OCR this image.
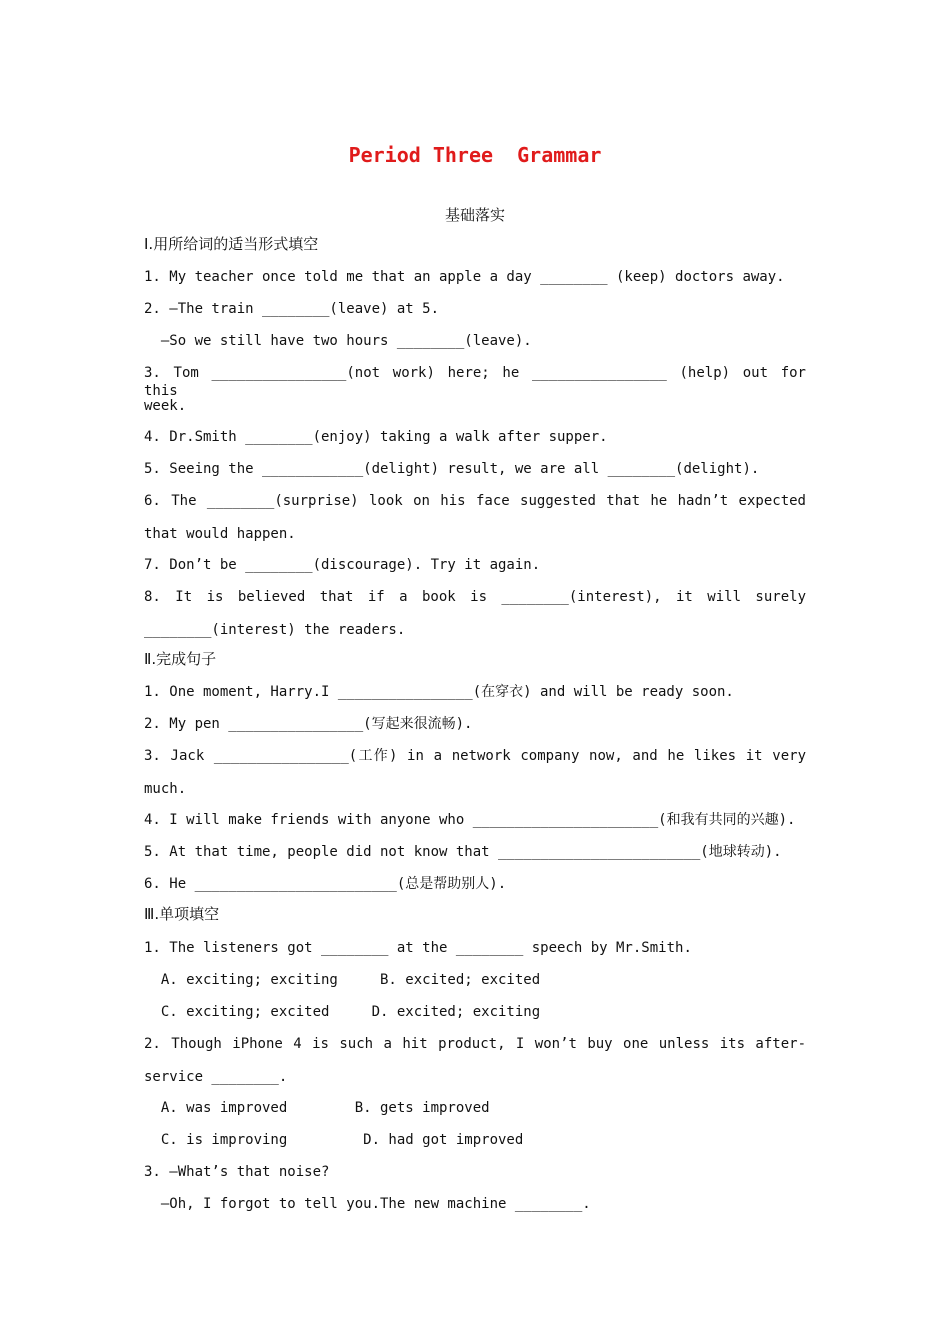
Period Three  Grammar
基础落实
Ⅰ.用所给词的适当形式填空
1. My teacher once told me that an apple a day ________ (keep) doctors away.
2. —The train ________(leave) at 5.
—So we still have two hours ________(leave).
3. Tom ________________(not work) here; he ________________ (help) out for this
week.
4. Dr.Smith ________(enjoy) taking a walk after supper.
5. Seeing the ____________(delight) result, we are all ________(delight).
6. The ________(surprise) look on his face suggested that he hadn’t expected
that would happen.
7. Don’t be ________(discourage). Try it again.
8. It is believed that if a book is ________(interest), it will surely
________(interest) the readers.
Ⅱ.完成句子
1. One moment, Harry.I ________________(在穿衣) and will be ready soon.
2. My pen ________________(写起来很流畅).
3. Jack ________________(工作) in a network company now, and he likes it very
much.
4. I will make friends with anyone who ______________________(和我有共同的兴趣).
5. At that time, people did not know that ________________________(地球转动).
6. He ________________________(总是帮助别人).
Ⅲ.单项填空
1. The listeners got ________ at the ________ speech by Mr.Smith.
A. exciting; exciting     B. excited; excited
C. exciting; excited     D. excited; exciting
2. Though iPhone 4 is such a hit product, I won’t buy one unless its after-
service ________.
A. was improved        B. gets improved
C. is improving         D. had got improved
3. —What’s that noise?
—Oh, I forgot to tell you.The new machine ________.
